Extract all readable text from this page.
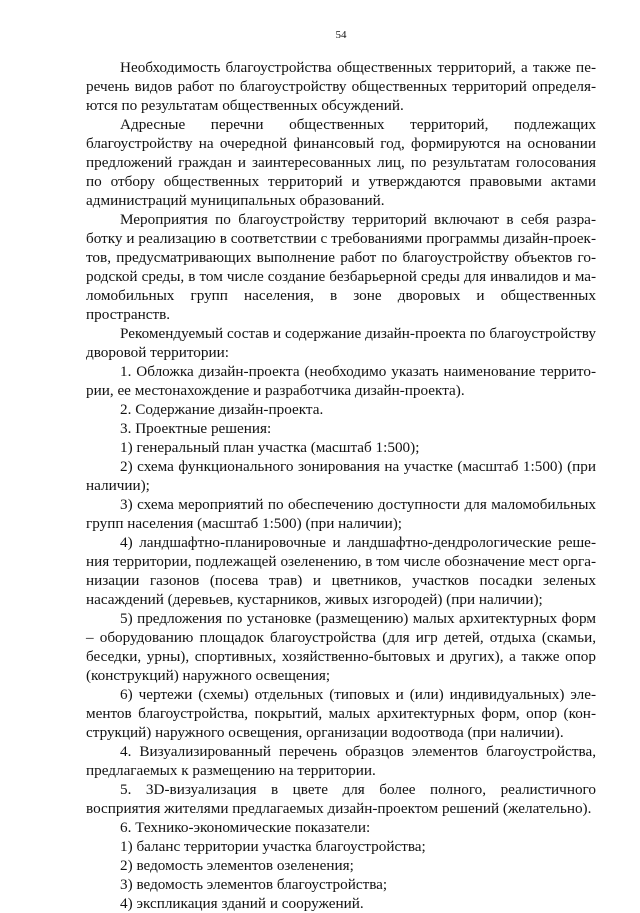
54

Необходимость благоустройства общественных территорий, а также перечень видов работ по благоустройству общественных территорий определяются по результатам общественных обсуждений.

Адресные перечни общественных территорий, подлежащих благоустройству на очередной финансовый год, формируются на основании предложений граждан и заинтересованных лиц, по результатам голосования по отбору общественных территорий и утверждаются правовыми актами администраций муниципальных образований.

Мероприятия по благоустройству территорий включают в себя разработку и реализацию в соответствии с требованиями программы дизайн-проектов, предусматривающих выполнение работ по благоустройству объектов городской среды, в том числе создание безбарьерной среды для инвалидов и маломобильных групп населения, в зоне дворовых и общественных пространств.

Рекомендуемый состав и содержание дизайн-проекта по благоустройству дворовой территории:

1. Обложка дизайн-проекта (необходимо указать наименование территории, ее местонахождение и разработчика дизайн-проекта).

2. Содержание дизайн-проекта.

3. Проектные решения:

1) генеральный план участка (масштаб 1:500);

2) схема функционального зонирования на участке (масштаб 1:500) (при наличии);

3) схема мероприятий по обеспечению доступности для маломобильных групп населения (масштаб 1:500) (при наличии);

4) ландшафтно-планировочные и ландшафтно-дендрологические решения территории, подлежащей озеленению, в том числе обозначение мест организации газонов (посева трав) и цветников, участков посадки зеленых насаждений (деревьев, кустарников, живых изгородей) (при наличии);

5) предложения по установке (размещению) малых архитектурных форм – оборудованию площадок благоустройства (для игр детей, отдыха (скамьи, беседки, урны), спортивных, хозяйственно-бытовых и других), а также опор (конструкций) наружного освещения;

6) чертежи (схемы) отдельных (типовых и (или) индивидуальных) элементов благоустройства, покрытий, малых архитектурных форм, опор (конструкций) наружного освещения, организации водоотвода (при наличии).

4. Визуализированный перечень образцов элементов благоустройства, предлагаемых к размещению на территории.

5. 3D-визуализация в цвете для более полного, реалистичного восприятия жителями предлагаемых дизайн-проектом решений (желательно).

6. Технико-экономические показатели:

1) баланс территории участка благоустройства;

2) ведомость элементов озеленения;

3) ведомость элементов благоустройства;

4) экспликация зданий и сооружений.
